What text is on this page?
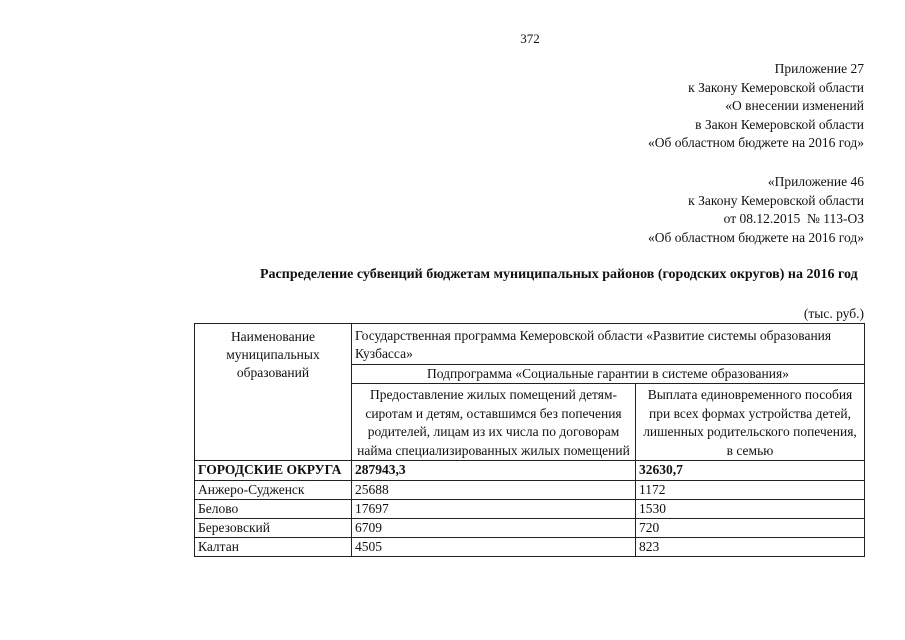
372
Приложение 27
к Закону Кемеровской области
«О внесении изменений
в Закон Кемеровской области
«Об областном бюджете на 2016 год»
«Приложение 46
к Закону Кемеровской области
от 08.12.2015  № 113-ОЗ
«Об областном бюджете на 2016 год»
Распределение субвенций бюджетам муниципальных районов (городских округов) на 2016 год
(тыс. руб.)
Наименование муниципальных образований	Государственная программа Кемеровской области «Развитие системы образования Кузбасса»	
	Подпрограмма «Социальные гарантии в системе образования»	
	Предоставление жилых помещений детям-сиротам и детям, оставшимся без попечения родителей, лицам из их числа по договорам найма специализированных жилых помещений	Выплата единовременного пособия при всех формах устройства детей, лишенных родительского попечения, в семью
ГОРОДСКИЕ ОКРУГА	287943,3	32630,7
Анжеро-Судженск	25688	1172
Белово	17697	1530
Березовский	6709	720
Калтан	4505	823
